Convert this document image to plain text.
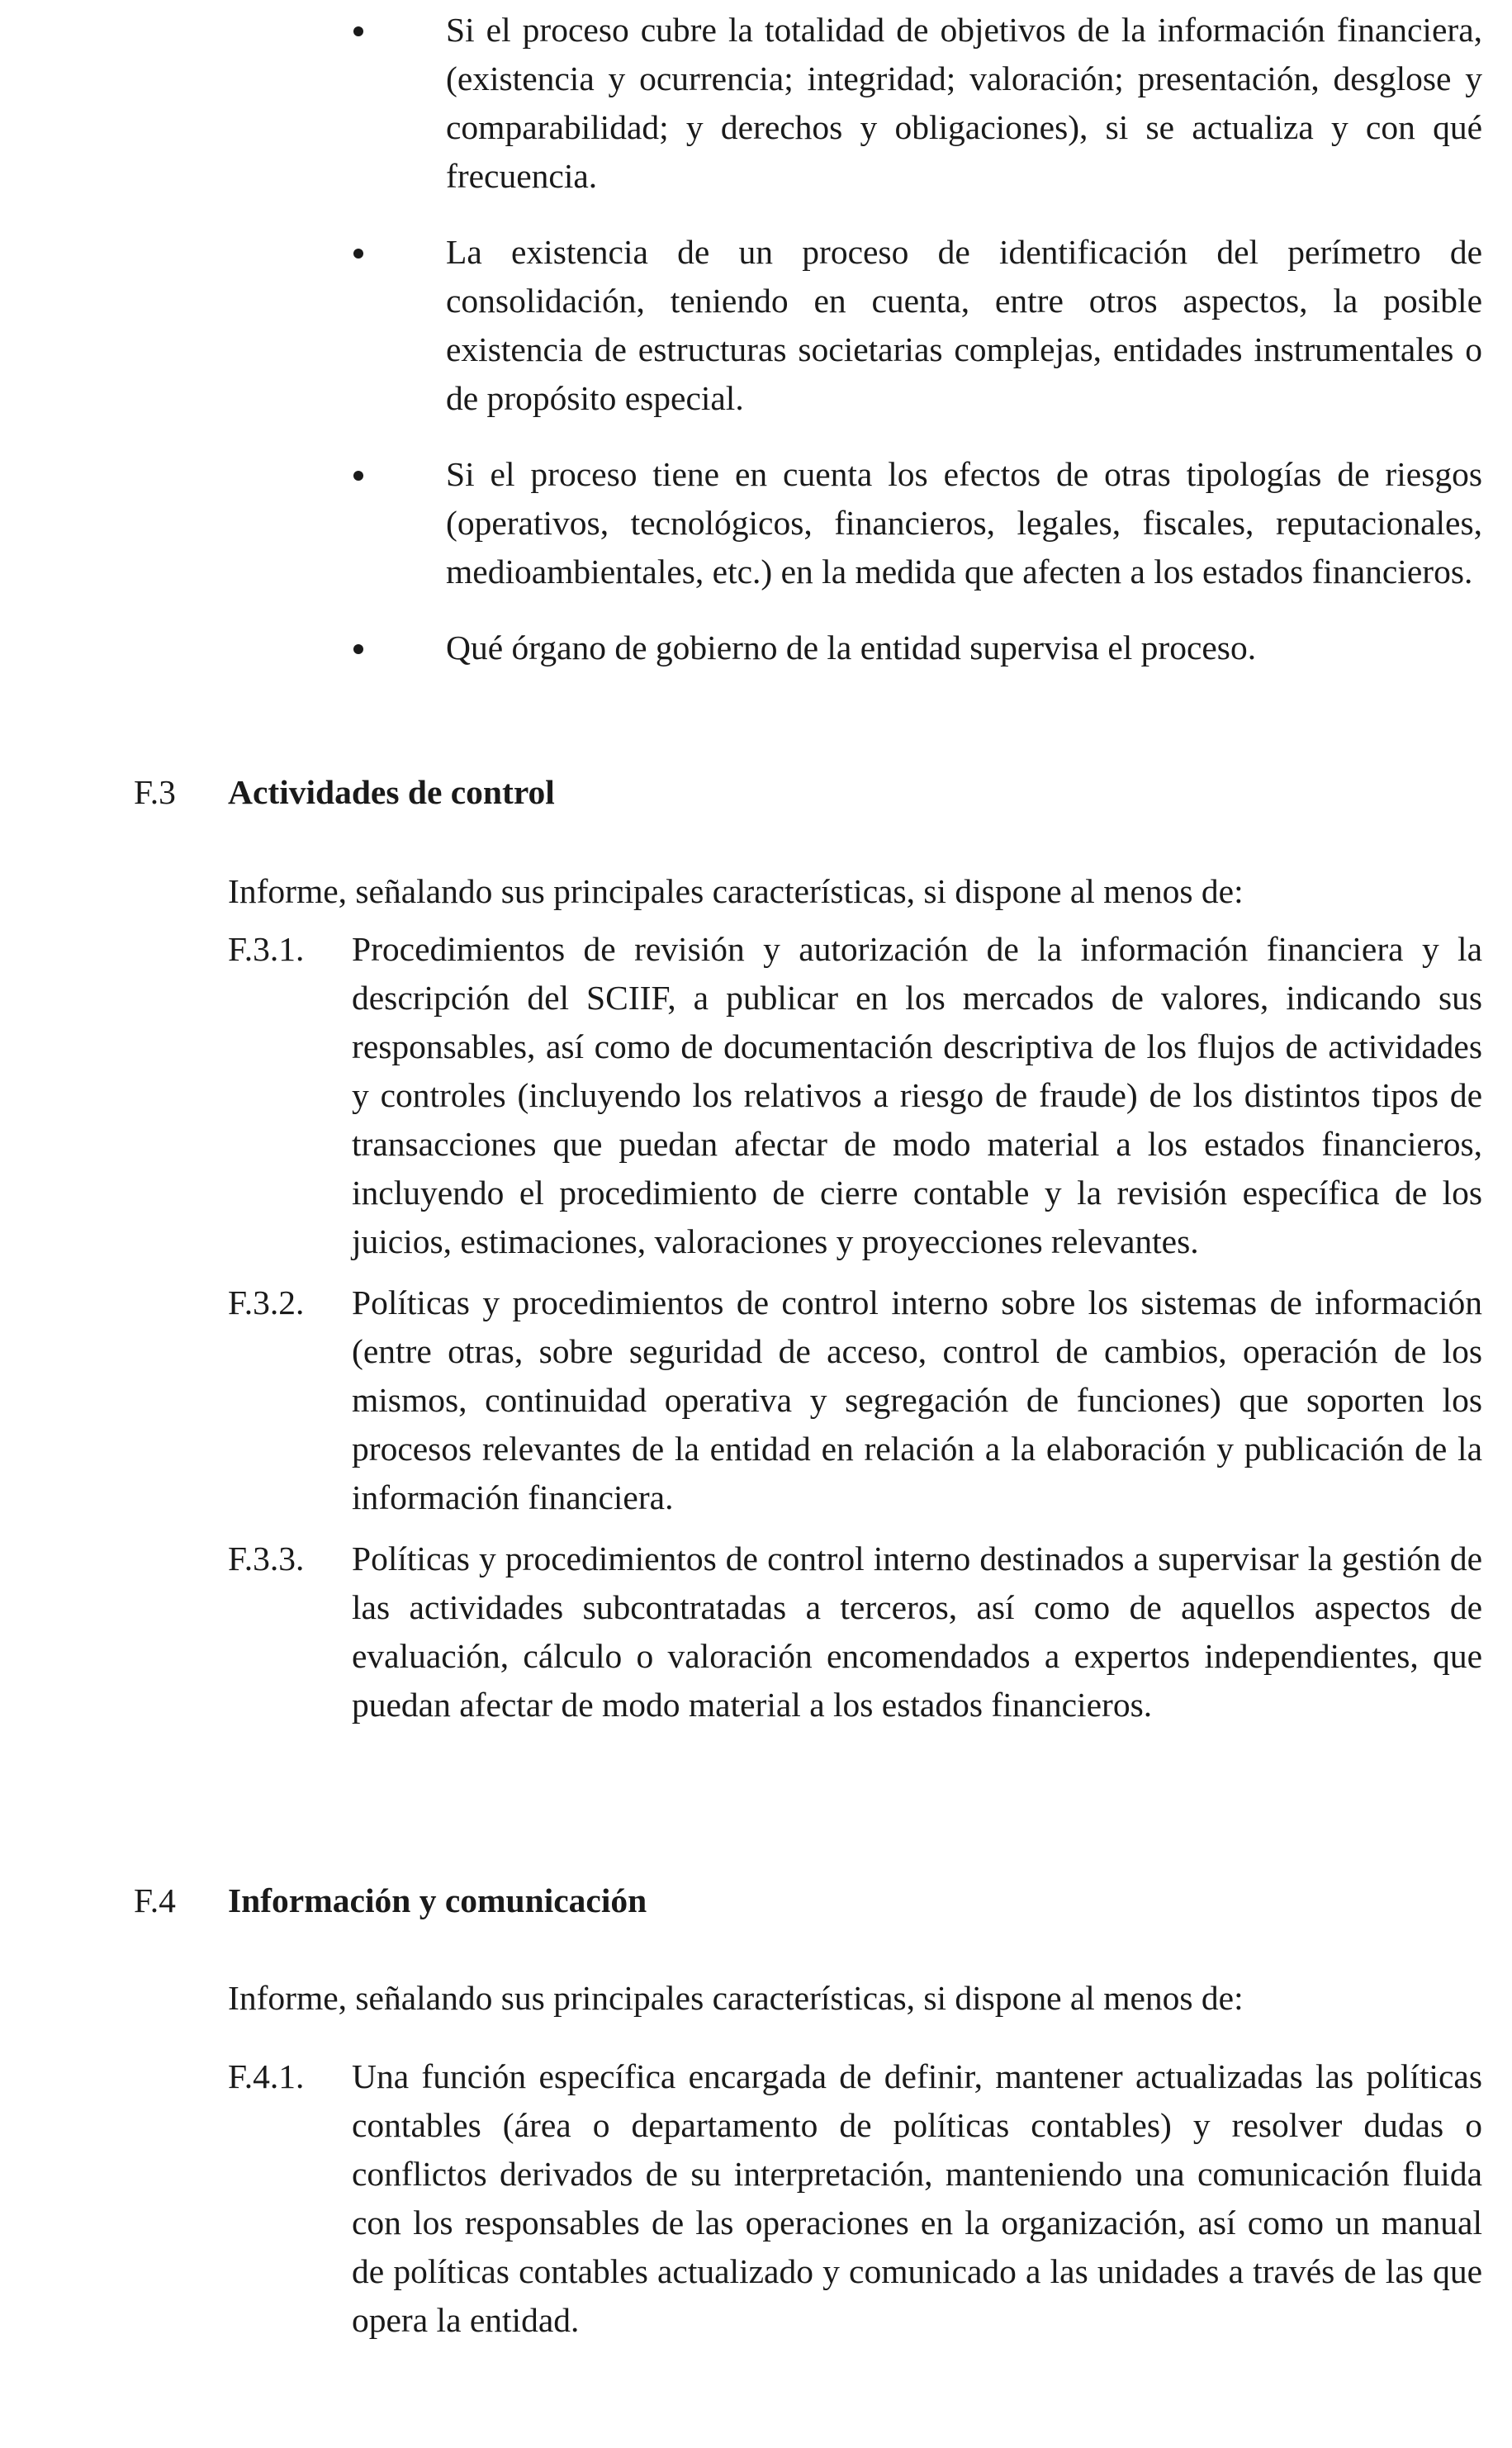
Si el proceso cubre la totalidad de objetivos de la información financiera, (existencia y ocurrencia; integridad; valoración; presentación, desglose y comparabilidad; y derechos y obligaciones), si se actualiza y con qué frecuencia.
La existencia de un proceso de identificación del perímetro de consolidación, teniendo en cuenta, entre otros aspectos, la posible existencia de estructuras societarias complejas, entidades instrumentales o de propósito especial.
Si el proceso tiene en cuenta los efectos de otras tipologías de riesgos (operativos, tecnológicos, financieros, legales, fiscales, reputacionales, medioambientales, etc.) en la medida que afecten a los estados financieros.
Qué órgano de gobierno de la entidad supervisa el proceso.
F.3 Actividades de control
Informe, señalando sus principales características, si dispone al menos de:
F.3.1. Procedimientos de revisión y autorización de la información financiera y la descripción del SCIIF, a publicar en los mercados de valores, indicando sus responsables, así como de documentación descriptiva de los flujos de actividades y controles (incluyendo los relativos a riesgo de fraude) de los distintos tipos de transacciones que puedan afectar de modo material a los estados financieros, incluyendo el procedimiento de cierre contable y la revisión específica de los juicios, estimaciones, valoraciones y proyecciones relevantes.
F.3.2. Políticas y procedimientos de control interno sobre los sistemas de información (entre otras, sobre seguridad de acceso, control de cambios, operación de los mismos, continuidad operativa y segregación de funciones) que soporten los procesos relevantes de la entidad en relación a la elaboración y publicación de la información financiera.
F.3.3. Políticas y procedimientos de control interno destinados a supervisar la gestión de las actividades subcontratadas a terceros, así como de aquellos aspectos de evaluación, cálculo o valoración encomendados a expertos independientes, que puedan afectar de modo material a los estados financieros.
F.4 Información y comunicación
Informe, señalando sus principales características, si dispone al menos de:
F.4.1. Una función específica encargada de definir, mantener actualizadas las políticas contables (área o departamento de políticas contables) y resolver dudas o conflictos derivados de su interpretación, manteniendo una comunicación fluida con los responsables de las operaciones en la organización, así como un manual de políticas contables actualizado y comunicado a las unidades a través de las que opera la entidad.
